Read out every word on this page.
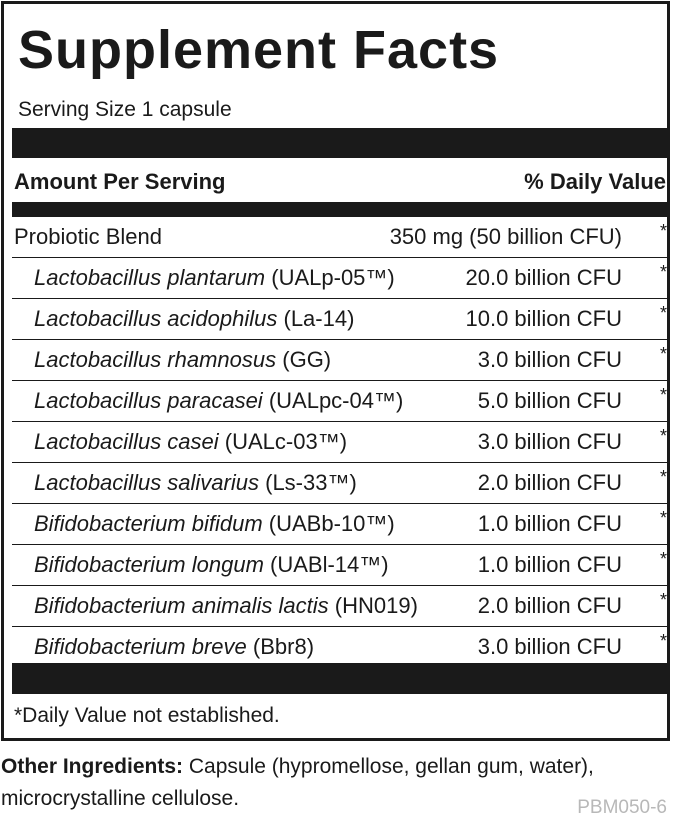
Supplement Facts
Serving Size 1 capsule
Amount Per Serving	% Daily Value
Probiotic Blend	350 mg (50 billion CFU) *
Lactobacillus plantarum (UALp-05™)	20.0 billion CFU *
Lactobacillus acidophilus (La-14)	10.0 billion CFU *
Lactobacillus rhamnosus (GG)	3.0 billion CFU *
Lactobacillus paracasei (UALpc-04™)	5.0 billion CFU *
Lactobacillus casei (UALc-03™)	3.0 billion CFU *
Lactobacillus salivarius (Ls-33™)	2.0 billion CFU *
Bifidobacterium bifidum (UABb-10™)	1.0 billion CFU *
Bifidobacterium longum (UABl-14™)	1.0 billion CFU *
Bifidobacterium animalis lactis (HN019)	2.0 billion CFU *
Bifidobacterium breve (Bbr8)	3.0 billion CFU *
*Daily Value not established.
Other Ingredients: Capsule (hypromellose, gellan gum, water), microcrystalline cellulose.	PBM050-6
